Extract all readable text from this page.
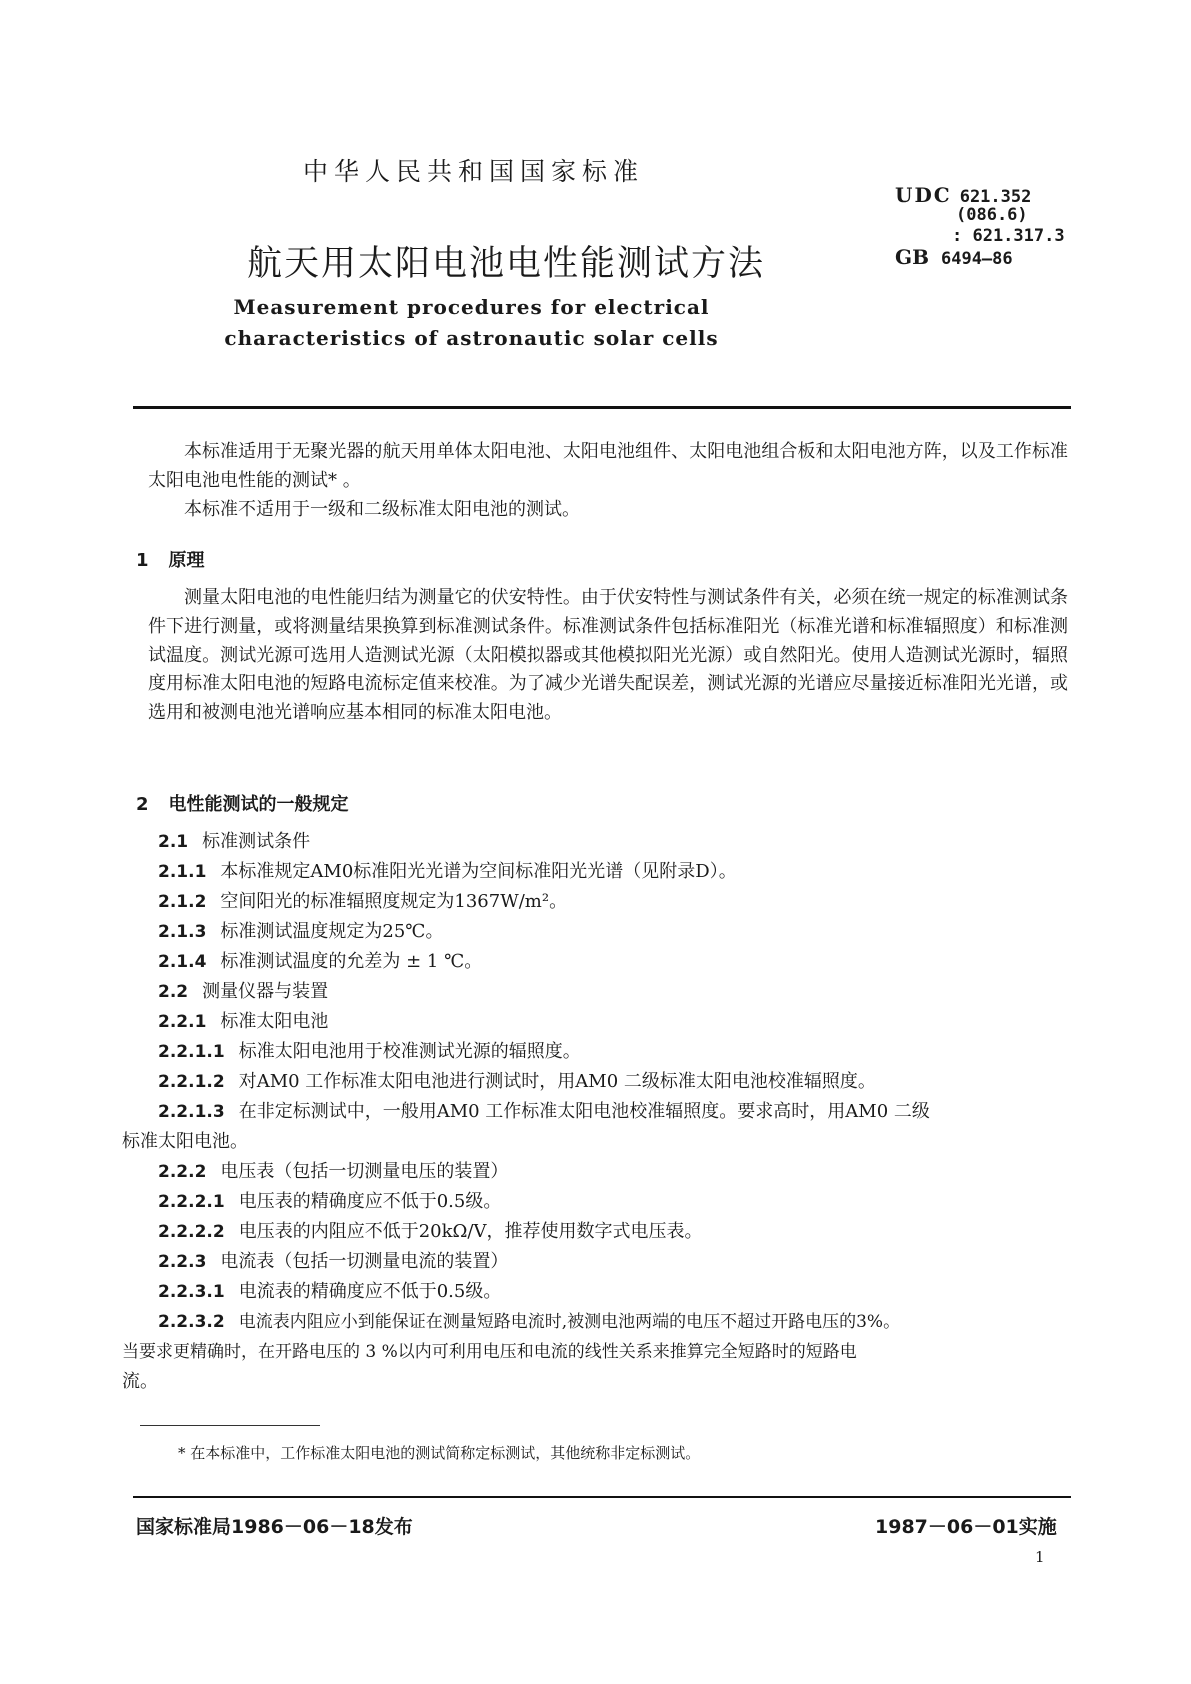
中华人民共和国国家标准
航天用太阳电池电性能测试方法
Measurement procedures for electrical
characteristics of astronautic solar cells
UDC 621.352
(086.6)
: 621.317.3
GB 6494—86
本标准适用于无聚光器的航天用单体太阳电池、太阳电池组件、太阳电池组合板和太阳电池方阵，以及工作标准太阳电池电性能的测试* 。
本标准不适用于一级和二级标准太阳电池的测试。
1 原理
测量太阳电池的电性能归结为测量它的伏安特性。由于伏安特性与测试条件有关，必须在统一规定的标准测试条件下进行测量，或将测量结果换算到标准测试条件。标准测试条件包括标准阳光（标准光谱和标准辐照度）和标准测试温度。测试光源可选用人造测试光源（太阳模拟器或其他模拟阳光光源）或自然阳光。使用人造测试光源时，辐照度用标准太阳电池的短路电流标定值来校准。为了减少光谱失配误差，测试光源的光谱应尽量接近标准阳光光谱，或选用和被测电池光谱响应基本相同的标准太阳电池。
2 电性能测试的一般规定
2.1 标准测试条件
2.1.1 本标准规定AM0标准阳光光谱为空间标准阳光光谱（见附录D）。
2.1.2 空间阳光的标准辐照度规定为1367W/m²。
2.1.3 标准测试温度规定为25℃。
2.1.4 标准测试温度的允差为 ± 1 ℃。
2.2 测量仪器与装置
2.2.1 标准太阳电池
2.2.1.1 标准太阳电池用于校准测试光源的辐照度。
2.2.1.2 对AM0 工作标准太阳电池进行测试时，用AM0 二级标准太阳电池校准辐照度。
2.2.1.3 在非定标测试中，一般用AM0 工作标准太阳电池校准辐照度。要求高时，用AM0 二级
标准太阳电池。
2.2.2 电压表（包括一切测量电压的装置）
2.2.2.1 电压表的精确度应不低于0.5级。
2.2.2.2 电压表的内阻应不低于20kΩ/V，推荐使用数字式电压表。
2.2.3 电流表（包括一切测量电流的装置）
2.2.3.1 电流表的精确度应不低于0.5级。
2.2.3.2 电流表内阻应小到能保证在测量短路电流时,被测电池两端的电压不超过开路电压的3%。
当要求更精确时，在开路电压的 3 %以内可利用电压和电流的线性关系来推算完全短路时的短路电
流。
* 在本标准中，工作标准太阳电池的测试简称定标测试，其他统称非定标测试。
国家标准局1986－06－18发布	1987－06－01实施
1
